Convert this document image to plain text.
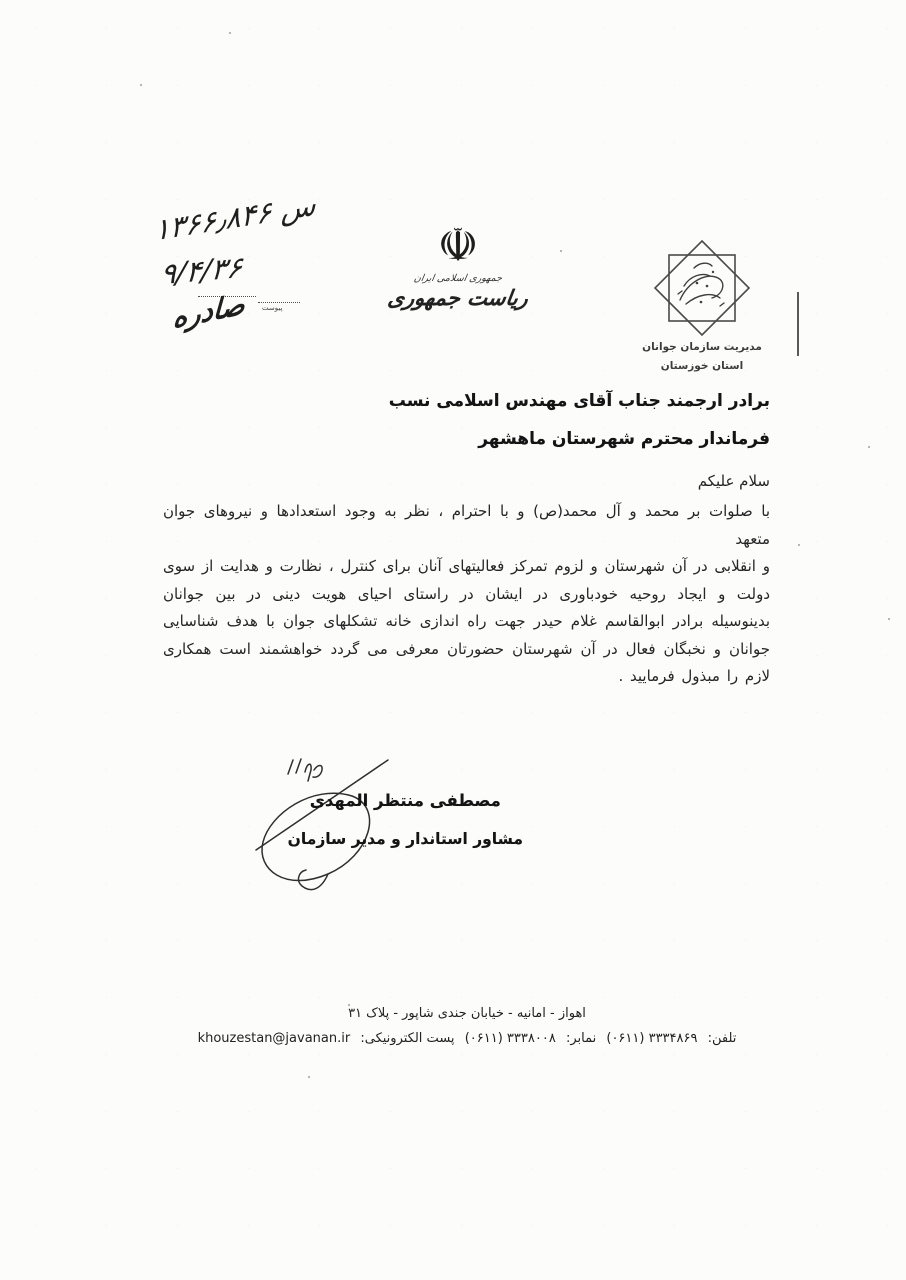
س ۱۳۶۶٫۸۴۶
۹/۴/۳۶
پیوست
صادره
☫
جمهوری اسلامی ایران
ریاست جمهوری
مدیریت سازمان جوانان
استان خوزستان
برادر ارجمند جناب آقای مهندس اسلامی نسب
فرماندار محترم شهرستان ماهشهر
سلام علیکم
با صلوات بر محمد و آل محمد(ص) و با احترام ، نظر به وجود استعدادها و نیروهای جوان متعهد
و انقلابی در آن شهرستان و لزوم تمرکز فعالیتهای آنان برای کنترل ، نظارت و هدایت از سوی
دولت و ایجاد روحیه خودباوری در ایشان در راستای احیای هویت دینی در بین جوانان
بدینوسیله برادر ابوالقاسم غلام حیدر جهت راه اندازی خانه تشکلهای جوان با هدف شناسایی
جوانان و نخبگان فعال در آن شهرستان حضورتان معرفی می گردد خواهشمند است همکاری
لازم را مبذول فرمایید .
مصطفی منتظر المهدی
مشاور استاندار و مدیر سازمان
اهواز - امانیه - خیابان جندی شاپور - پلاک ۳۱
تلفن: ۳۳۳۴۸۶۹ (۰۶۱۱) نمابر: ۳۳۳۸۰۰۸ (۰۶۱۱) پست الکترونیکی: khouzestan@javanan.ir
